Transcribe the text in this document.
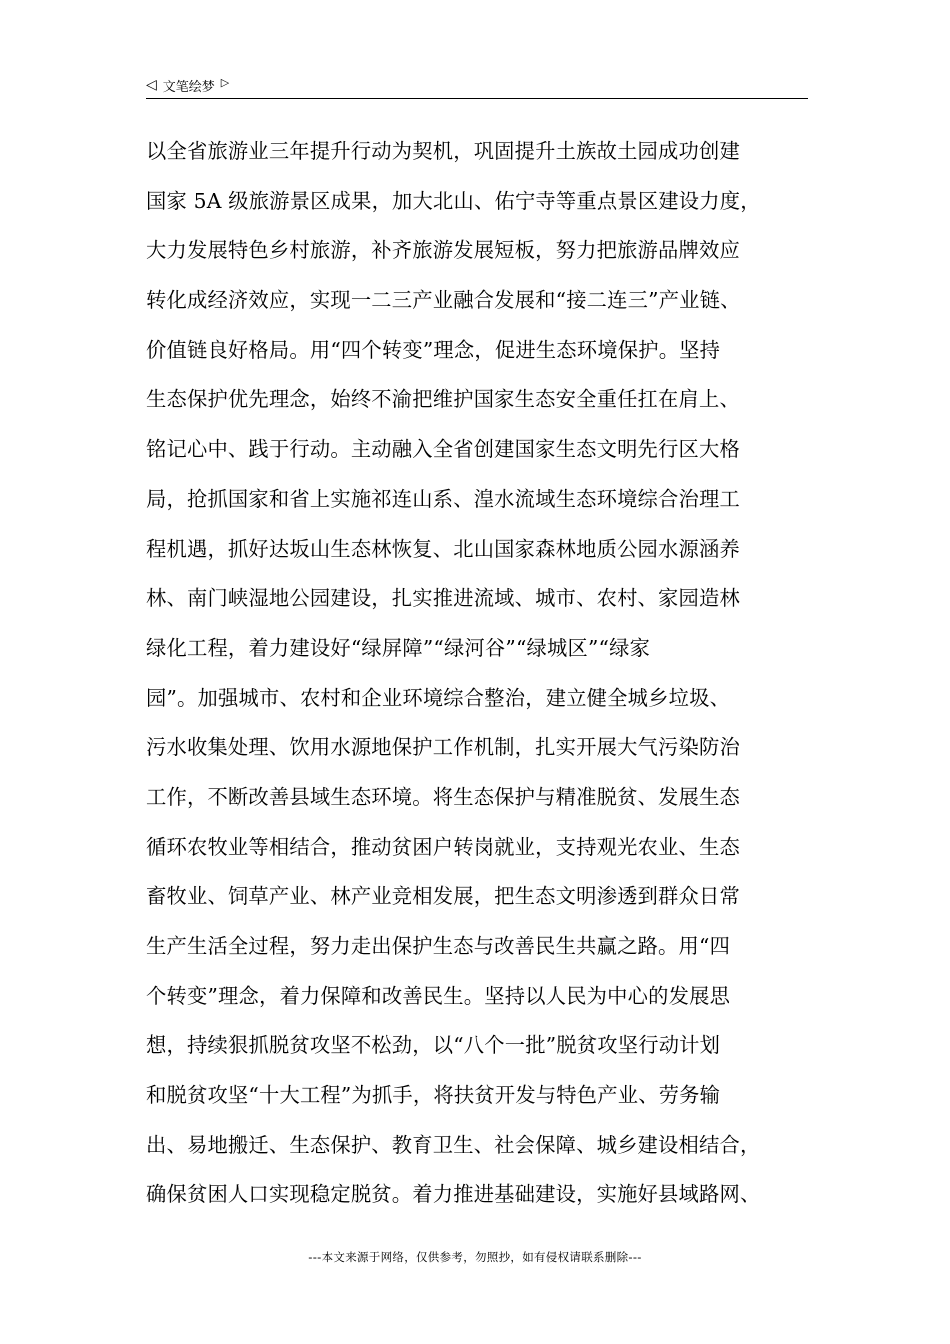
◁ 文笔绘梦 ▷
以全省旅游业三年提升行动为契机，巩固提升土族故土园成功创建
国家 5A 级旅游景区成果，加大北山、佑宁寺等重点景区建设力度，
大力发展特色乡村旅游，补齐旅游发展短板，努力把旅游品牌效应
转化成经济效应，实现一二三产业融合发展和“接二连三”产业链、
价值链良好格局。用“四个转变”理念，促进生态环境保护。坚持
生态保护优先理念，始终不渝把维护国家生态安全重任扛在肩上、
铭记心中、践于行动。主动融入全省创建国家生态文明先行区大格
局，抢抓国家和省上实施祁连山系、湟水流域生态环境综合治理工
程机遇，抓好达坂山生态林恢复、北山国家森林地质公园水源涵养
林、南门峡湿地公园建设，扎实推进流域、城市、农村、家园造林
绿化工程，着力建设好“绿屏障”“绿河谷”“绿城区”“绿家
园”。加强城市、农村和企业环境综合整治，建立健全城乡垃圾、
污水收集处理、饮用水源地保护工作机制，扎实开展大气污染防治
工作，不断改善县域生态环境。将生态保护与精准脱贫、发展生态
循环农牧业等相结合，推动贫困户转岗就业，支持观光农业、生态
畜牧业、饲草产业、林产业竞相发展，把生态文明渗透到群众日常
生产生活全过程，努力走出保护生态与改善民生共赢之路。用“四
个转变”理念，着力保障和改善民生。坚持以人民为中心的发展思
想，持续狠抓脱贫攻坚不松劲，以“八个一批”脱贫攻坚行动计划
和脱贫攻坚“十大工程”为抓手，将扶贫开发与特色产业、劳务输
出、易地搬迁、生态保护、教育卫生、社会保障、城乡建设相结合，
确保贫困人口实现稳定脱贫。着力推进基础建设，实施好县域路网、
---本文来源于网络，仅供参考，勿照抄，如有侵权请联系删除---
